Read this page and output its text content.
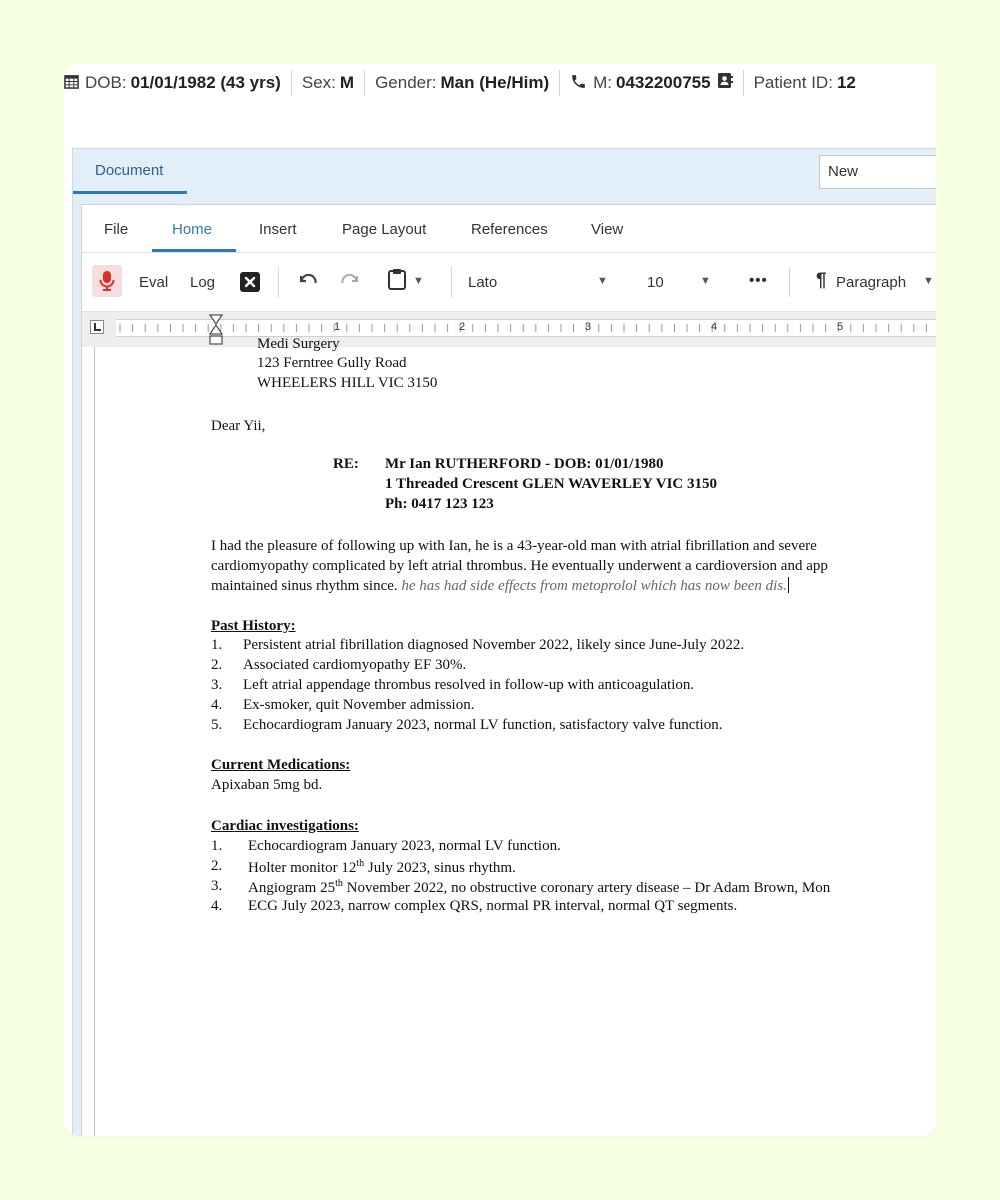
DOB: 01/01/1982 (43 yrs) Sex: M Gender: Man (He/Him)	M: 0432200755	Patient ID: 12
Document	New
File	Home	Insert	Page Layout	References	View
Eval Log	▼	Lato	▼	10	▼	•••	¶ Paragraph ▼
1	2	3	4	5
Medi Surgery
123 Ferntree Gully Road
WHEELERS HILL VIC 3150
Dear Yii,
RE: Mr Ian RUTHERFORD - DOB: 01/01/1980
1 Threaded Crescent GLEN WAVERLEY VIC 3150
Ph: 0417 123 123
I had the pleasure of following up with Ian, he is a 43-year-old man with atrial fibrillation and severe
cardiomyopathy complicated by left atrial thrombus. He eventually underwent a cardioversion and app
maintained sinus rhythm since. he has had side effects from metoprolol which has now been dis.
Past History:
1. Persistent atrial fibrillation diagnosed November 2022, likely since June-July 2022.
2. Associated cardiomyopathy EF 30%.
3. Left atrial appendage thrombus resolved in follow-up with anticoagulation.
4. Ex-smoker, quit November admission.
5. Echocardiogram January 2023, normal LV function, satisfactory valve function.
Current Medications:
Apixaban 5mg bd.
Cardiac investigations:
1. Echocardiogram January 2023, normal LV function.
2. Holter monitor 12th July 2023, sinus rhythm.
3. Angiogram 25th November 2022, no obstructive coronary artery disease – Dr Adam Brown, Mon
4. ECG July 2023, narrow complex QRS, normal PR interval, normal QT segments.
